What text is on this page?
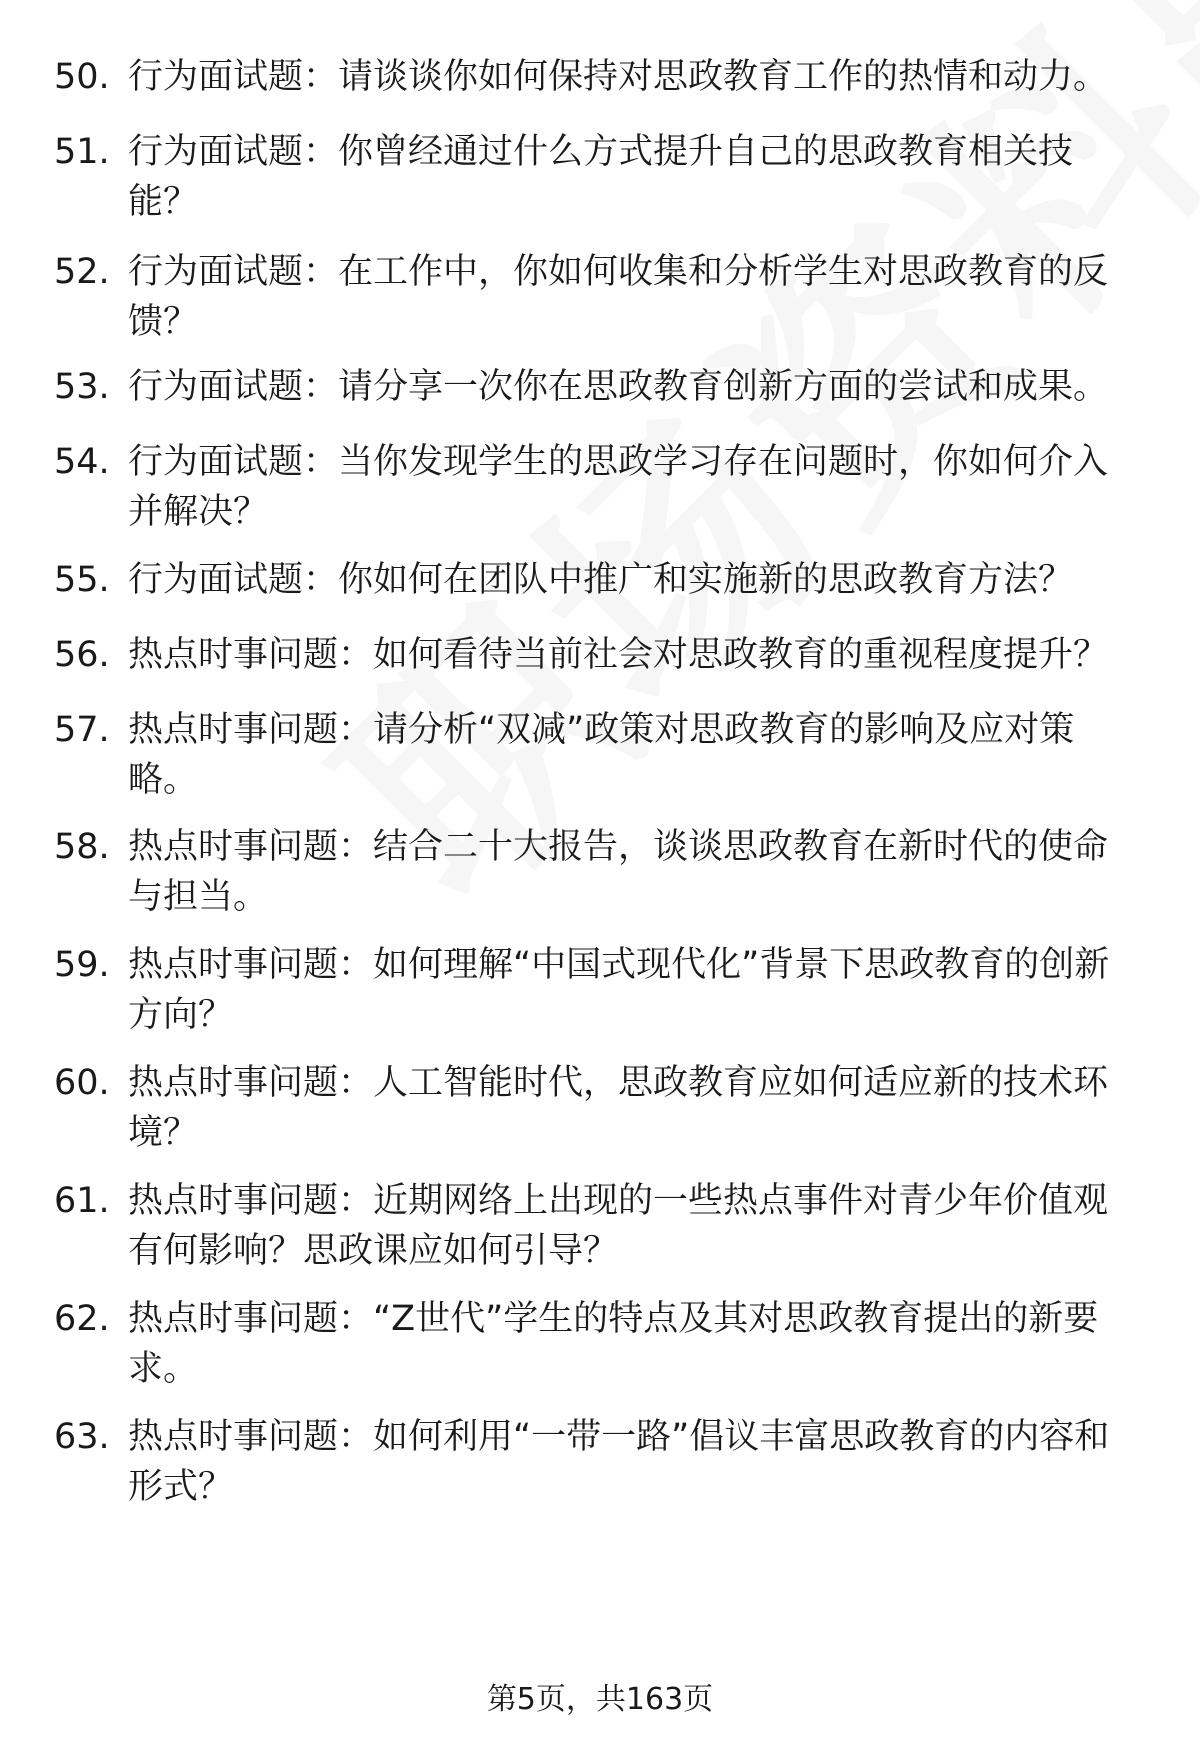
50. 行为面试题：请谈谈你如何保持对思政教育工作的热情和动力。
51. 行为面试题：你曾经通过什么方式提升自己的思政教育相关技能？
52. 行为面试题：在工作中，你如何收集和分析学生对思政教育的反馈？
53. 行为面试题：请分享一次你在思政教育创新方面的尝试和成果。
54. 行为面试题：当你发现学生的思政学习存在问题时，你如何介入并解决？
55. 行为面试题：你如何在团队中推广和实施新的思政教育方法？
56. 热点时事问题：如何看待当前社会对思政教育的重视程度提升？
57. 热点时事问题：请分析“双减”政策对思政教育的影响及应对策略。
58. 热点时事问题：结合二十大报告，谈谈思政教育在新时代的使命与担当。
59. 热点时事问题：如何理解“中国式现代化”背景下思政教育的创新方向？
60. 热点时事问题：人工智能时代，思政教育应如何适应新的技术环境？
61. 热点时事问题：近期网络上出现的一些热点事件对青少年价值观有何影响？思政课应如何引导？
62. 热点时事问题：“Z世代”学生的特点及其对思政教育提出的新要求。
63. 热点时事问题：如何利用“一带一路”倡议丰富思政教育的内容和形式？
第5页，共163页
